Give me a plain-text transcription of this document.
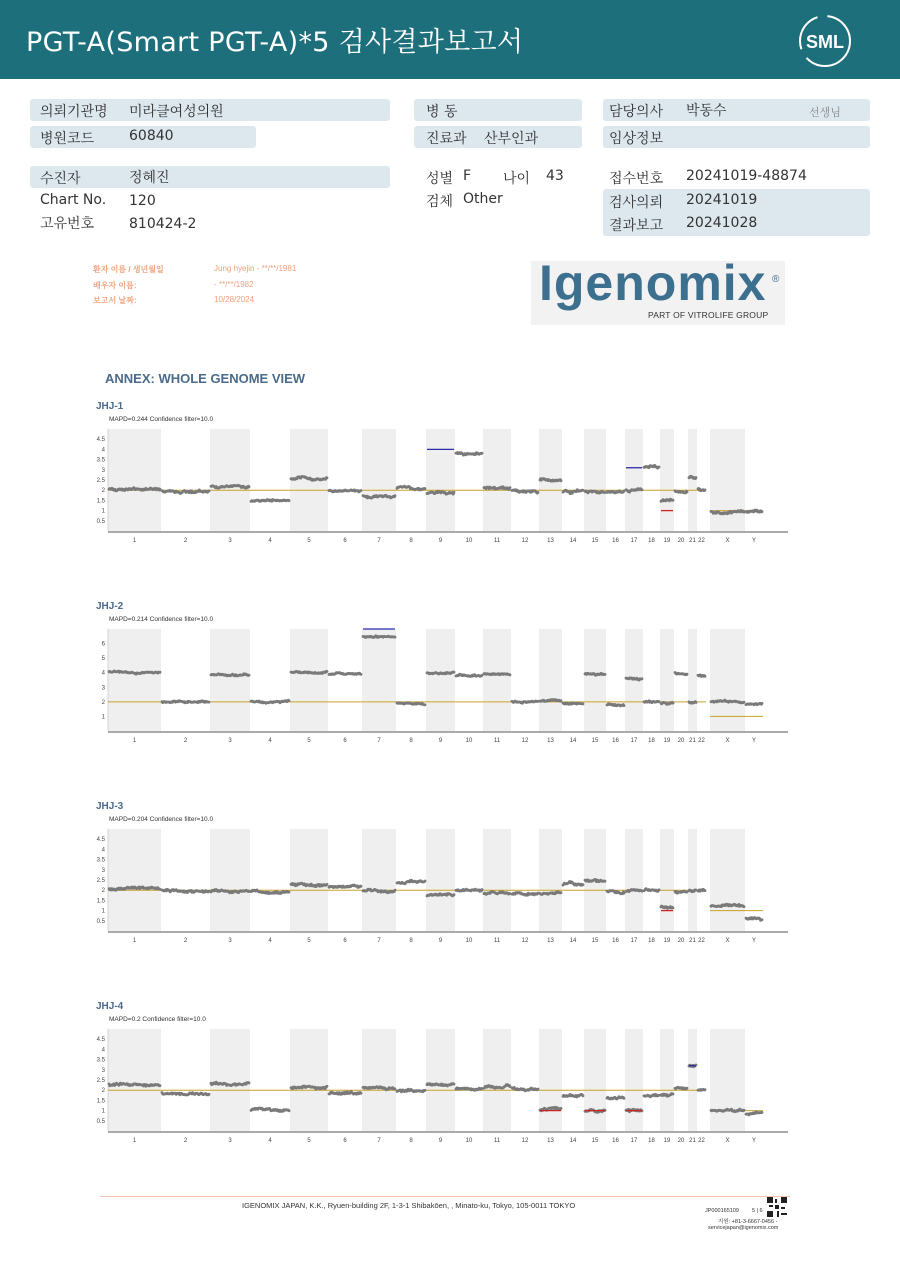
PGT-A(Smart PGT-A)*5 검사결과보고서	SML
의뢰기관명 미라클여성의원
병원코드 60840
병 동
진료과 산부인과
담당의사 박동수	선생님
임상정보
수진자	정혜진
Chart No. 120
고유번호 810424-2
성별 F 나이 43
검체 Other
접수번호 20241019-48874
검사의뢰 20241019
결과보고 20241028
환자 이름 / 생년월일	Jung hyejin - **/**/1981
배우자 이름:	- **/**/1982
보고서 날짜:	10/28/2024	Igenomix ®
PART OF VITROLIFE GROUP
ANNEX: WHOLE GENOME VIEW
JHJ-1
MAPD=0.244 Confidence filter=10.0
0.5
1
1.5
2
2.5
3
3.5
4
4.5
1	2	3	4	5	6	7	8	9	10	11	12	13	14	15 16 17 18 19 20 21 22	X	Y
JHJ-2
MAPD=0.214 Confidence filter=10.0
1
2
3
4
5
6
1	2	3	4	5	6	7	8	9	10	11	12	13	14	15 16 17 18 19 20 21 22	X	Y
JHJ-3
MAPD=0.204 Confidence filter=10.0
0.5
1
1.5
2
2.5
3
3.5
4
4.5
1	2	3	4	5	6	7	8	9	10	11	12	13	14	15 16 17 18 19 20 21 22	X	Y
JHJ-4
MAPD=0.2 Confidence filter=10.0
0.5
1
1.5
2
2.5
3
3.5
4
4.5
1	2	3	4	5	6	7	8	9	10	11	12	13	14	15 16 17 18 19 20 21 22	X	Y
IGENOMIX JAPAN, K.K., Ryuen-building 2F, 1-3-1 Shibakōen, , Minato-ku, Tokyo, 105-0011 TOKYO
JP000165109 5 | 6
지원: +81-3-6667-0456 -
servicejapan@igenomix.com
